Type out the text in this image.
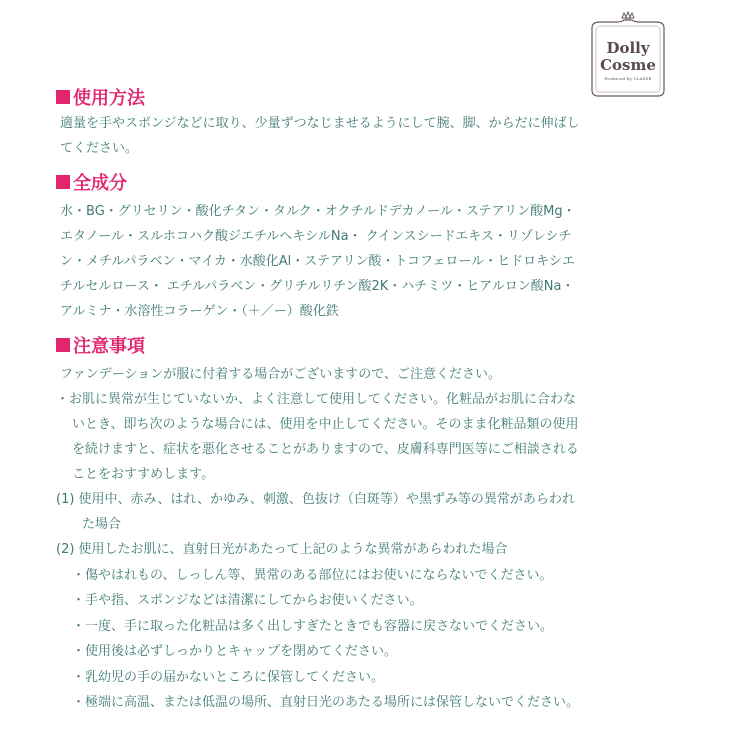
Dolly
Cosme
Produced by CLASSE
使用方法
適量を手やスポンジなどに取り、少量ずつなじませるようにして腕、脚、からだに伸ばし
てください。
全成分
水・BG・グリセリン・酸化チタン・タルク・オクチルドデカノール・ステアリン酸Mg・
エタノール・スルホコハク酸ジエチルヘキシルNa・ クインスシードエキス・リゾレシチ
ン・メチルパラベン・マイカ・水酸化Al・ステアリン酸・トコフェロール・ヒドロキシエ
チルセルロース・ エチルパラベン・グリチルリチン酸2K・ハチミツ・ヒアルロン酸Na・
アルミナ・水溶性コラーゲン・（＋／ー）酸化鉄
注意事項
ファンデーションが服に付着する場合がございますので、ご注意ください。
・お肌に異常が生じていないか、よく注意して使用してください。化粧品がお肌に合わな
いとき、即ち次のような場合には、使用を中止してください。そのまま化粧品類の使用
を続けますと、症状を悪化させることがありますので、皮膚科専門医等にご相談される
ことをおすすめします。
(1) 使用中、赤み、はれ、かゆみ、刺激、色抜け（白斑等）や黒ずみ等の異常があらわれ
た場合
(2) 使用したお肌に、直射日光があたって上記のような異常があらわれた場合
・傷やはれもの、しっしん等、異常のある部位にはお使いにならないでください。
・手や指、スポンジなどは清潔にしてからお使いください。
・一度、手に取った化粧品は多く出しすぎたときでも容器に戻さないでください。
・使用後は必ずしっかりとキャップを閉めてください。
・乳幼児の手の届かないところに保管してください。
・極端に高温、または低温の場所、直射日光のあたる場所には保管しないでください。
